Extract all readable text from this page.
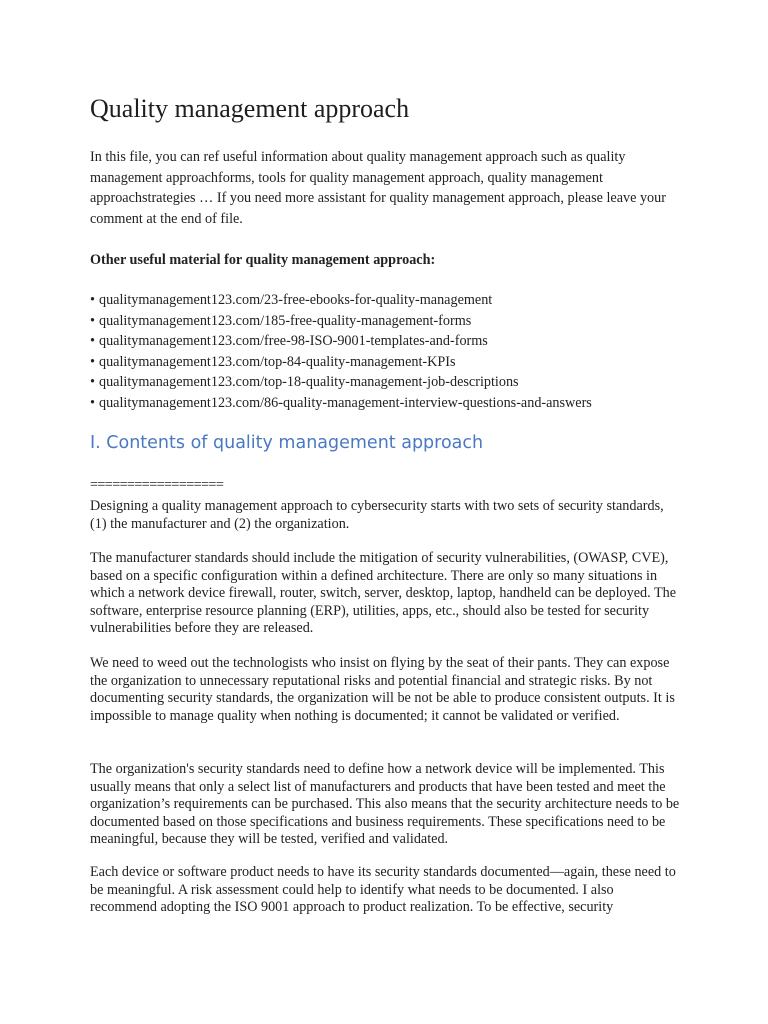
Quality management approach

In this file, you can ref useful information about quality management approach such as quality management approachforms, tools for quality management approach, quality management approachstrategies … If you need more assistant for quality management approach, please leave your comment at the end of file.

Other useful material for quality management approach:

• qualitymanagement123.com/23-free-ebooks-for-quality-management
• qualitymanagement123.com/185-free-quality-management-forms
• qualitymanagement123.com/free-98-ISO-9001-templates-and-forms
• qualitymanagement123.com/top-84-quality-management-KPIs
• qualitymanagement123.com/top-18-quality-management-job-descriptions
• qualitymanagement123.com/86-quality-management-interview-questions-and-answers
I. Contents of quality management approach

==================

Designing a quality management approach to cybersecurity starts with two sets of security standards, (1) the manufacturer and (2) the organization.

The manufacturer standards should include the mitigation of security vulnerabilities, (OWASP, CVE), based on a specific configuration within a defined architecture. There are only so many situations in which a network device firewall, router, switch, server, desktop, laptop, handheld can be deployed. The software, enterprise resource planning (ERP), utilities, apps, etc., should also be tested for security vulnerabilities before they are released.

We need to weed out the technologists who insist on flying by the seat of their pants. They can expose the organization to unnecessary reputational risks and potential financial and strategic risks. By not documenting security standards, the organization will be not be able to produce consistent outputs. It is impossible to manage quality when nothing is documented; it cannot be validated or verified.

The organization's security standards need to define how a network device will be implemented. This usually means that only a select list of manufacturers and products that have been tested and meet the organization’s requirements can be purchased. This also means that the security architecture needs to be documented based on those specifications and business requirements. These specifications need to be meaningful, because they will be tested, verified and validated.

Each device or software product needs to have its security standards documented—again, these need to be meaningful. A risk assessment could help to identify what needs to be documented. I also recommend adopting the ISO 9001 approach to product realization. To be effective, security
